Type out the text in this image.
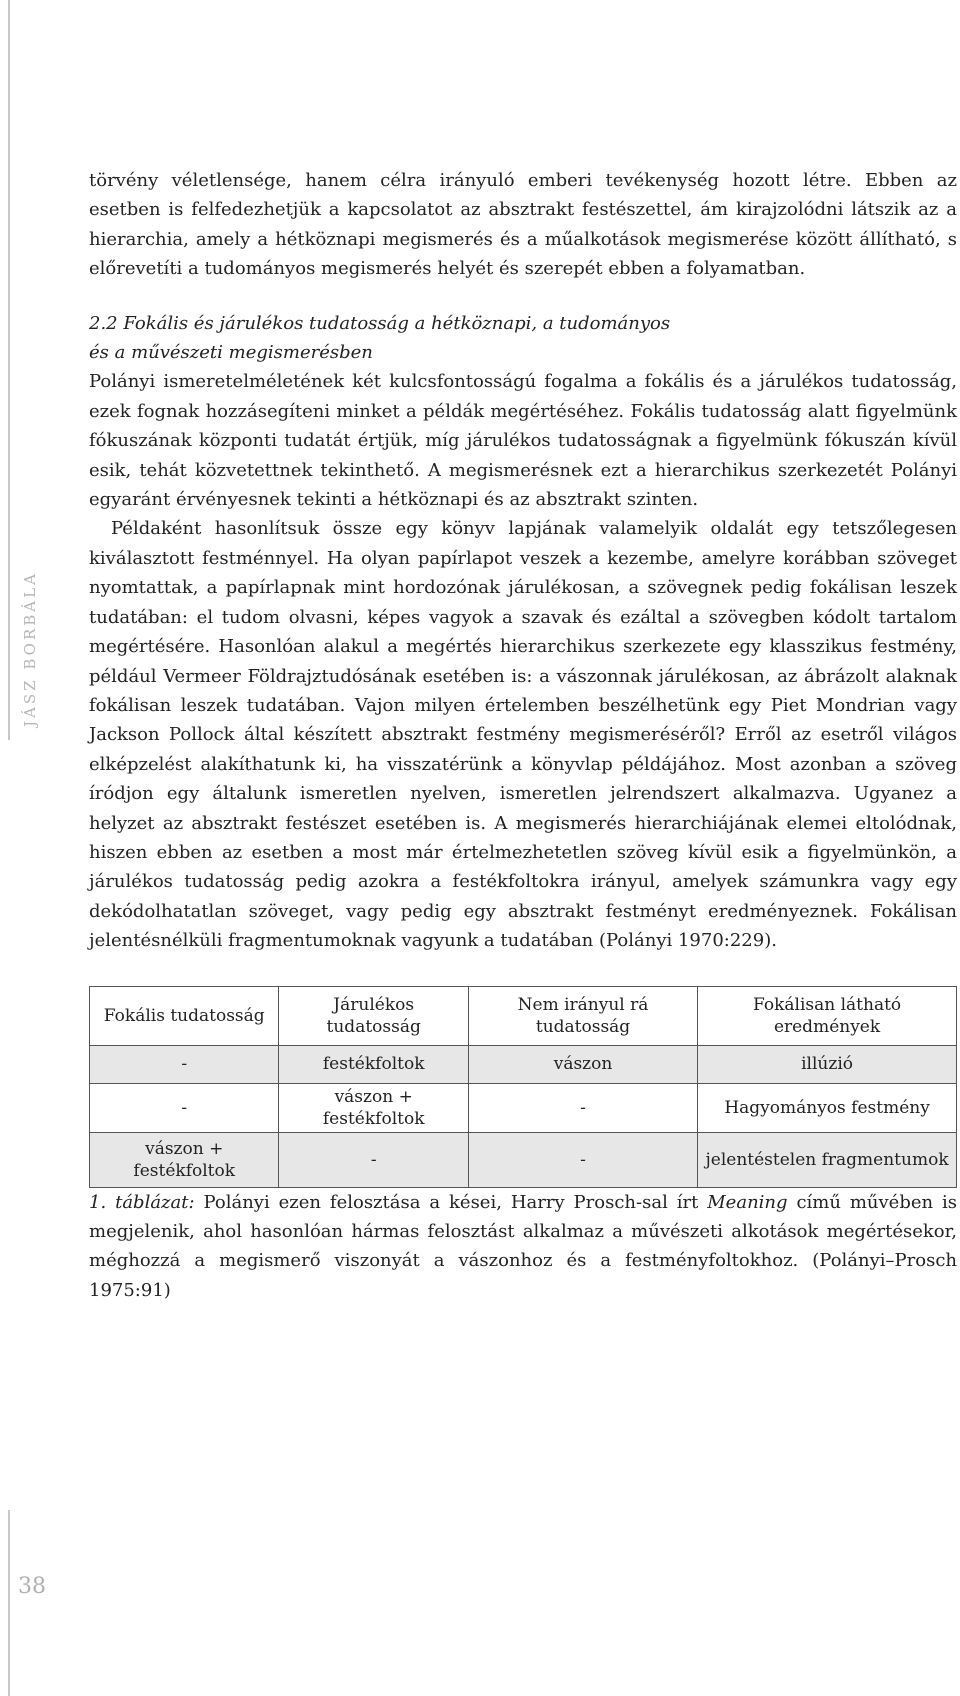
JÁSZ BORBÁLA
38

törvény véletlensége, hanem célra irányuló emberi tevékenység hozott létre. Ebben az esetben is felfedezhetjük a kapcsolatot az absztrakt festészettel, ám kirajzolódni látszik az a hierarchia, amely a hétköznapi megismerés és a műalkotások megismerése között állítható, s előrevetíti a tudományos megismerés helyét és szerepét ebben a folyamatban.

2.2 Fokális és járulékos tudatosság a hétköznapi, a tudományos
és a művészeti megismerésben

Polányi ismeretelméletének két kulcsfontosságú fogalma a fokális és a járulékos tudatosság, ezek fognak hozzásegíteni minket a példák megértéséhez. Fokális tudatosság alatt figyelmünk fókuszának központi tudatát értjük, míg járulékos tudatosságnak a figyelmünk fókuszán kívül esik, tehát közvetettnek tekinthető. A megismerésnek ezt a hierarchikus szerkezetét Polányi egyaránt érvényesnek tekinti a hétköznapi és az absztrakt szinten.

Példaként hasonlítsuk össze egy könyv lapjának valamelyik oldalát egy tetszőlegesen kiválasztott festménnyel. Ha olyan papírlapot veszek a kezembe, amelyre korábban szöveget nyomtattak, a papírlapnak mint hordozónak járulékosan, a szövegnek pedig fokálisan leszek tudatában: el tudom olvasni, képes vagyok a szavak és ezáltal a szövegben kódolt tartalom megértésére. Hasonlóan alakul a megértés hierarchikus szerkezete egy klasszikus festmény, például Vermeer Földrajztudósának esetében is: a vászonnak járulékosan, az ábrázolt alaknak fokálisan leszek tudatában. Vajon milyen értelemben beszélhetünk egy Piet Mondrian vagy Jackson Pollock által készített absztrakt festmény megismeréséről? Erről az esetről világos elképzelést alakíthatunk ki, ha visszatérünk a könyvlap példájához. Most azonban a szöveg íródjon egy általunk ismeretlen nyelven, ismeretlen jelrendszert alkalmazva. Ugyanez a helyzet az absztrakt festészet esetében is. A megismerés hierarchiájának elemei eltolódnak, hiszen ebben az esetben a most már értelmezhetetlen szöveg kívül esik a figyelmünkön, a járulékos tudatosság pedig azokra a festékfoltokra irányul, amelyek számunkra vagy egy dekódolhatatlan szöveget, vagy pedig egy absztrakt festményt eredményeznek. Fokálisan jelentésnélküli fragmentumoknak vagyunk a tudatában (Polányi 1970:229).

Fokális tudatosság	Járulékos tudatosság	Nem irányul rá tudatosság	Fokálisan látható eredmények
-	festékfoltok	vászon	illúzió
-	vászon + festékfoltok	-	Hagyományos festmény
vászon + festékfoltok	-	-	jelentéstelen fragmentumok

1. táblázat: Polányi ezen felosztása a kései, Harry Prosch-sal írt Meaning című művében is megjelenik, ahol hasonlóan hármas felosztást alkalmaz a művészeti alkotások megértésekor, méghozzá a megismerő viszonyát a vászonhoz és a festményfoltokhoz. (Polányi–Prosch 1975:91)
